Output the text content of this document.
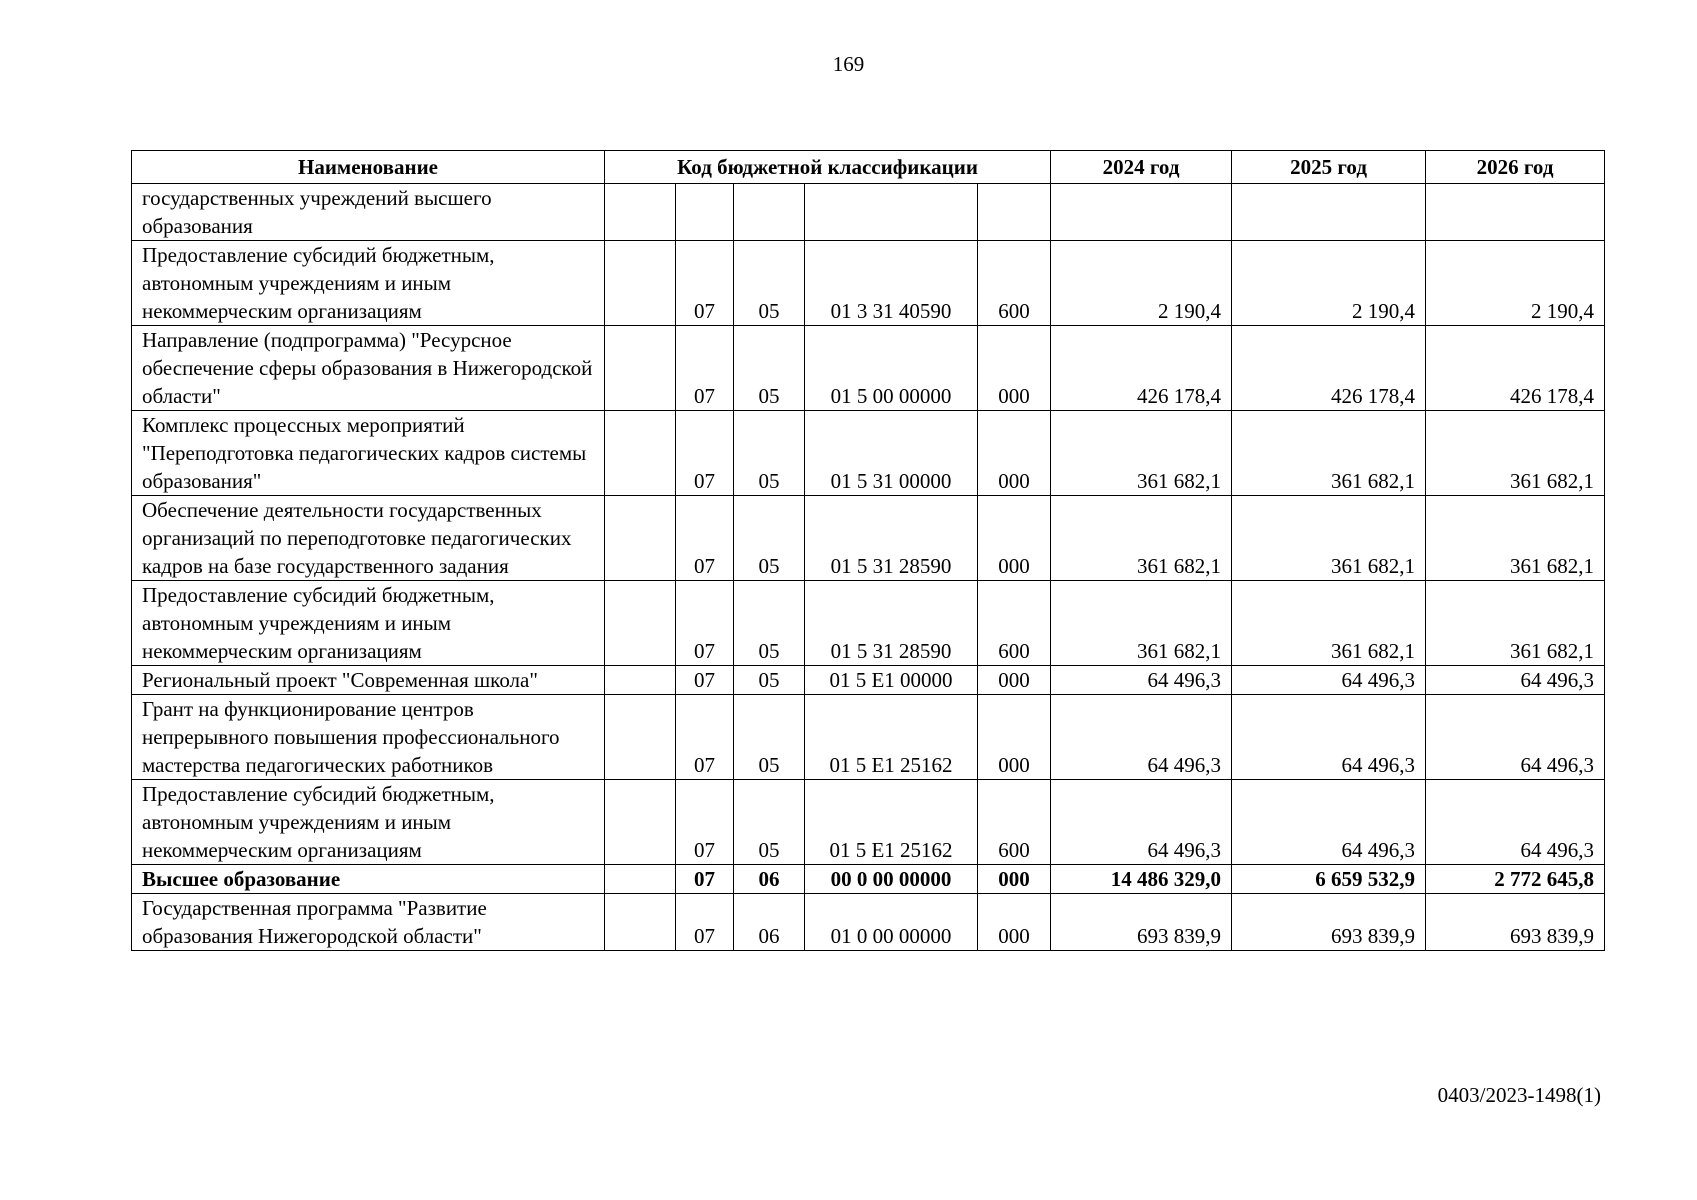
169
Наименование	Код бюджетной классификации					2024 год	2025 год	2026 год
государственных учреждений высшего образования								
Предоставление субсидий бюджетным, автономным учреждениям и иным некоммерческим организациям		07	05	01 3 31 40590	600	2 190,4	2 190,4	2 190,4
Направление (подпрограмма) "Ресурсное обеспечение сферы образования в Нижегородской области"		07	05	01 5 00 00000	000	426 178,4	426 178,4	426 178,4
Комплекс процессных мероприятий "Переподготовка педагогических кадров системы образования"		07	05	01 5 31 00000	000	361 682,1	361 682,1	361 682,1
Обеспечение деятельности государственных организаций по переподготовке педагогических кадров на базе государственного задания		07	05	01 5 31 28590	000	361 682,1	361 682,1	361 682,1
Предоставление субсидий бюджетным, автономным учреждениям и иным некоммерческим организациям		07	05	01 5 31 28590	600	361 682,1	361 682,1	361 682,1
Региональный проект "Современная школа"		07	05	01 5 E1 00000	000	64 496,3	64 496,3	64 496,3
Грант на функционирование центров непрерывного повышения профессионального мастерства педагогических работников		07	05	01 5 E1 25162	000	64 496,3	64 496,3	64 496,3
Предоставление субсидий бюджетным, автономным учреждениям и иным некоммерческим организациям		07	05	01 5 E1 25162	600	64 496,3	64 496,3	64 496,3
Высшее образование		07	06	00 0 00 00000	000	14 486 329,0	6 659 532,9	2 772 645,8
Государственная программа "Развитие образования Нижегородской области"		07	06	01 0 00 00000	000	693 839,9	693 839,9	693 839,9
0403/2023-1498(1)
